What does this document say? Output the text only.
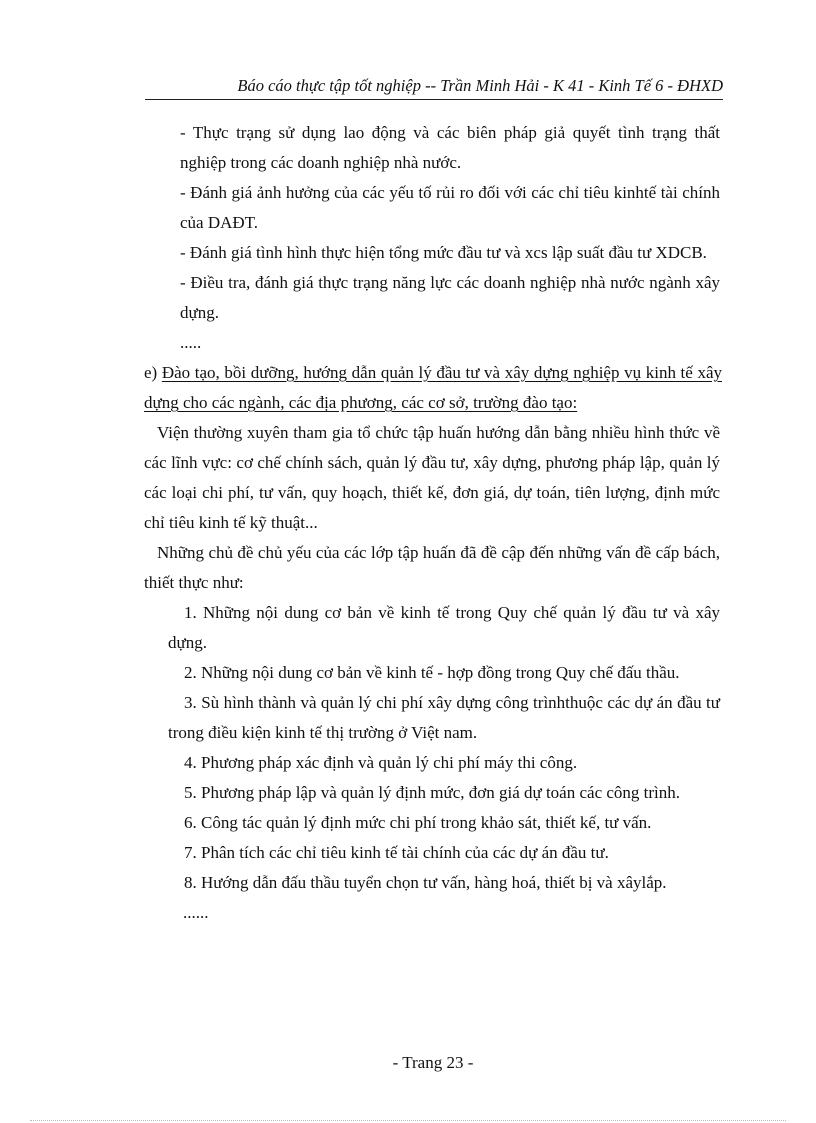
Báo cáo thực tập tốt nghiệp -- Trần Minh Hải - K 41 - Kinh Tế 6 - ĐHXD

- Thực trạng sử dụng lao động và các biên pháp giả quyết tình trạng thất nghiệp trong các doanh nghiệp nhà nước.

- Đánh giá ảnh hưởng của các yếu tố rủi ro đối với các chỉ tiêu kinhtế tài chính của DAĐT.

- Đánh giá tình hình thực hiện tổng mức đầu tư và xcs lập suất đầu tư XDCB.

- Điều tra, đánh giá thực trạng năng lực các doanh nghiệp nhà nước ngành xây dựng.

.....

e) Đào tạo, bồi dưỡng, hướng dẫn quản lý đầu tư và xây dựng nghiệp vụ kinh tế xây dựng cho các ngành, các địa phương, các cơ sở, trường đào tạo:

Viện thường xuyên tham gia tổ chức tập huấn hướng dẫn bằng nhiều hình thức về các lĩnh vực: cơ chế chính sách, quản lý đầu tư, xây dựng, phương pháp lập, quản lý các loại chi phí, tư vấn, quy hoạch, thiết kế, đơn giá, dự toán, tiên lượng, định mức chỉ tiêu kinh tế kỹ thuật...

Những chủ đề chủ yếu của các lớp tập huấn đã đề cập đến những vấn đề cấp bách, thiết thực như:

1. Những nội dung cơ bản về kinh tế trong Quy chế quản lý đầu tư và xây dựng.

2. Những nội dung cơ bản về kinh tế - hợp đồng trong Quy chế đấu thầu.

3. Sù hình thành và quản lý chi phí xây dựng công trìnhthuộc các dự án đầu tư trong điều kiện kinh tế thị trường ở Việt nam.

4. Phương pháp xác định và quản lý chi phí máy thi công.

5. Phương pháp lập và quản lý định mức, đơn giá dự toán các công trình.

6. Công tác quản lý định mức chi phí trong khảo sát, thiết kế, tư vấn.

7. Phân tích các chỉ tiêu kinh tế tài chính của các dự án đầu tư.

8. Hướng dẫn đấu thầu tuyển chọn tư vấn, hàng hoá, thiết bị và xâylắp.

......

- Trang 23 -
